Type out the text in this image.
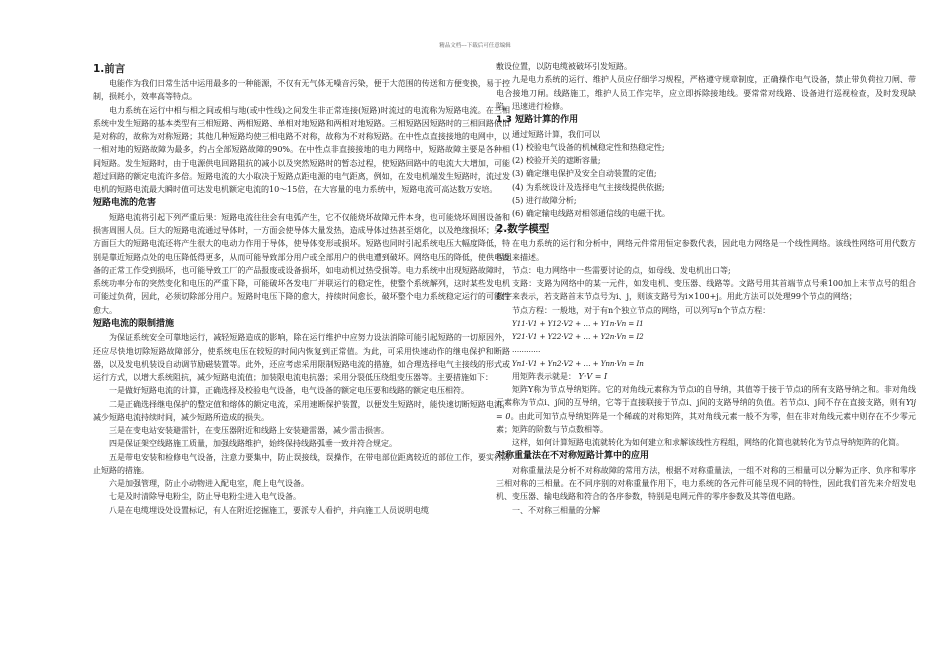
精品文档---下载后可任意编辑
1.前言

电能作为我们日常生活中运用最多的一种能源，不仅有无气体无噪音污染，便于大范围的传送和方便变换，易于控制，损耗小，效率高等特点。

电力系统在运行中相与相之间或相与地(或中性线)之间发生非正常连接(短路)时流过的电流称为短路电流。在三相系统中发生短路的基本类型有三相短路、两相短路、单相对地短路和两相对地短路。三相短路因短路时的三相回路依旧是对称的，故称为对称短路；其他几种短路均使三相电路不对称，故称为不对称短路。在中性点直接接地的电网中，以一相对地的短路故障为最多，约占全部短路故障的90%。在中性点非直接接地的电力网络中，短路故障主要是各种相间短路。发生短路时，由于电源供电回路阻抗的减小以及突然短路时的暂态过程，使短路回路中的电流大大增加，可能超过回路的额定电流许多倍。短路电流的大小取决于短路点距电源的电气距离，例如，在发电机端发生短路时，流过发电机的短路电流最大瞬时值可达发电机额定电流的10～15倍，在大容量的电力系统中，短路电流可高达数万安培。

短路电流的危害

短路电流将引起下列严重后果：短路电流往往会有电弧产生，它不仅能烧坏故障元件本身，也可能烧坏周围设备和损害周围人员。巨大的短路电流通过导体时，一方面会使导体大量发热，造成导体过热甚至熔化，以及绝缘损坏；另一方面巨大的短路电流还将产生很大的电动力作用于导体，使导体变形或损坏。短路也同时引起系统电压大幅度降低，特别是靠近短路点处的电压降低得更多，从而可能导致部分用户或全部用户的供电遭到破坏。网络电压的降低，使供电设备的正常工作受到损坏，也可能导致工厂的产品报废或设备损坏，如电动机过热受损等。电力系统中出现短路故障时，系统功率分布的突然变化和电压的严重下降，可能破坏各发电厂并联运行的稳定性，使整个系统解列，这时某些发电机可能过负荷，因此，必须切除部分用户。短路时电压下降的愈大，持续时间愈长，破坏整个电力系统稳定运行的可能性愈大。

短路电流的限制措施

为保证系统安全可靠地运行，减轻短路造成的影响，除在运行维护中应努力设法消除可能引起短路的一切原因外，还应尽快地切除短路故障部分，使系统电压在较短的时间内恢复到正常值。为此，可采用快速动作的继电保护和断路器，以及发电机装设自动调节励磁装置等。此外，还应考虑采用限制短路电流的措施，如合理选择电气主接线的形式或运行方式，以增大系统阻抗，减少短路电流值；加装限电流电抗器；采用分裂低压绕组变压器等。主要措施如下：

一是做好短路电流的计算，正确选择及校验电气设备，电气设备的额定电压要和线路的额定电压相符。

二是正确选择继电保护的整定值和熔体的额定电流，采用速断保护装置，以便发生短路时，能快速切断短路电流，减少短路电流持续时间，减少短路所造成的损失。

三是在变电站安装避雷针，在变压器附近和线路上安装避雷器，减少雷击损害。

四是保证架空线路施工质量，加强线路维护，始终保持线路弧垂一致并符合规定。

五是带电安装和检修电气设备，注意力要集中，防止误接线，误操作，在带电部位距离较近的部位工作，要实行防止短路的措施。

六是加强管理，防止小动物进入配电室，爬上电气设备。

七是及时清除导电粉尘，防止导电粉尘进入电气设备。

八是在电缆埋设处设置标记，有人在附近挖掘施工，要派专人看护，并向施工人员说明电缆

敷设位置，以防电缆被破坏引发短路。

九是电力系统的运行、维护人员应仔细学习规程，严格遵守规章制度，正确操作电气设备，禁止带负荷拉刀闸、带电合接地刀闸。线路施工，维护人员工作完毕，应立即拆除接地线。要常常对线路、设备进行巡视检查，及时发现缺陷，迅速进行检修。

1.3 短路计算的作用

通过短路计算，我们可以

(1) 校验电气设备的机械稳定性和热稳定性;
(2) 校验开关的遮断容量;
(3) 确定继电保护及安全自动装置的定值;
(4) 为系统设计及选择电气主接线提供依据;
(5) 进行故障分析;
(6) 确定输电线路对相邻通信线的电磁干扰。
2.数学模型

在电力系统的运行和分析中，网络元件常用恒定参数代表，因此电力网络是一个线性网络。该线性网络可用代数方程组来描述。

节点：电力网络中一些需要讨论的点，如母线、发电机出口等;

支路：支路为网络中的某一元件，如发电机、变压器、线路等。文路号用其首端节点号乘100加上末节点号的组合数字来表示，若支路首末节点号为i、j，则该支路号为i×100+j。用此方法可以处理99个节点的网络；

节点方程：一般地，对于有n个独立节点的网络，可以列写n个节点方程：

Y11·V1 + Y12·V2 + … + Y1n·Vn = I1
Y21·V1 + Y22·V2 + … + Y2n·Vn = I2
…………
Yn1·V1 + Yn2·V2 + … + Ynn·Vn = In

用矩阵表示就是： Y·V = I

矩阵Y称为节点导纳矩阵。它的对角线元素称为节点i的自导纳，其值等于接于节点i的所有支路导纳之和。非对角线元素称为节点i、j间的互导纳，它等于直接联接于节点i、j间的支路导纳的负值。若节点i、j间不存在直接支路，则有Yij = 0。由此可知节点导纳矩阵是一个稀疏的对称矩阵，其对角线元素一般不为零，但在非对角线元素中则存在不少零元素；矩阵的阶数与节点数相等。

这样，如何计算短路电流就转化为如何建立和求解该线性方程组，网络的化简也就转化为节点导纳矩阵的化简。

对称重量法在不对称短路计算中的应用

对称重量法是分析不对称故障的常用方法，根据不对称重量法，一组不对称的三相量可以分解为正序、负序和零序三相对称的三相量。在不同序别的对称重量作用下，电力系统的各元件可能呈现不同的特性，因此我们首先来介绍发电机、变压器、输电线路和符合的各序参数，特别是电网元件的零序参数及其等值电路。

一、不对称三相量的分解
